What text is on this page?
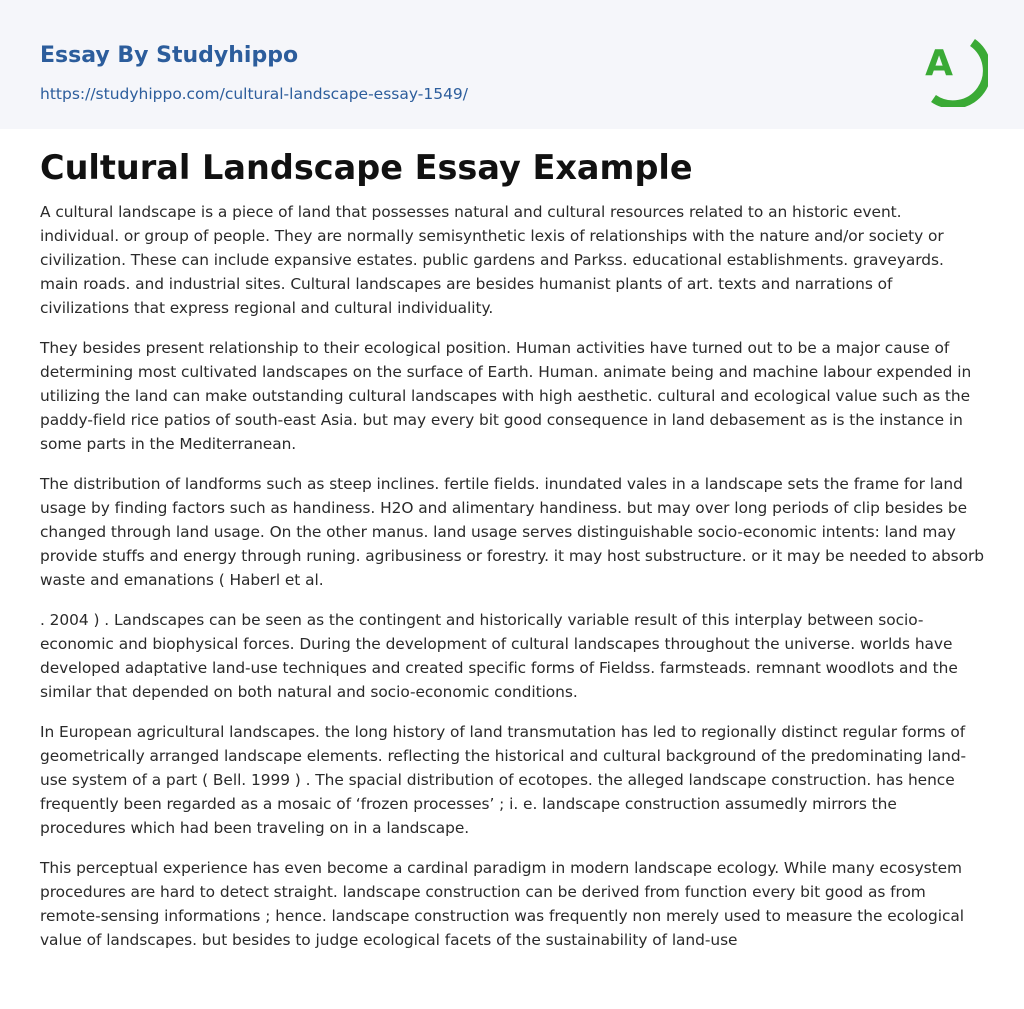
Essay By Studyhippo
https://studyhippo.com/cultural-landscape-essay-1549/
A
Cultural Landscape Essay Example

A cultural landscape is a piece of land that possesses natural and cultural resources related to an historic event. individual. or group of people. They are normally semisynthetic lexis of relationships with the nature and/or society or civilization. These can include expansive estates. public gardens and Parkss. educational establishments. graveyards. main roads. and industrial sites. Cultural landscapes are besides humanist plants of art. texts and narrations of civilizations that express regional and cultural individuality.

They besides present relationship to their ecological position. Human activities have turned out to be a major cause of determining most cultivated landscapes on the surface of Earth. Human. animate being and machine labour expended in utilizing the land can make outstanding cultural landscapes with high aesthetic. cultural and ecological value such as the paddy-field rice patios of south-east Asia. but may every bit good consequence in land debasement as is the instance in some parts in the Mediterranean.

The distribution of landforms such as steep inclines. fertile fields. inundated vales in a landscape sets the frame for land usage by finding factors such as handiness. H2O and alimentary handiness. but may over long periods of clip besides be changed through land usage. On the other manus. land usage serves distinguishable socio-economic intents: land may provide stuffs and energy through runing. agribusiness or forestry. it may host substructure. or it may be needed to absorb waste and emanations ( Haberl et al.

. 2004 ) . Landscapes can be seen as the contingent and historically variable result of this interplay between socio-economic and biophysical forces. During the development of cultural landscapes throughout the universe. worlds have developed adaptative land-use techniques and created specific forms of Fieldss. farmsteads. remnant woodlots and the similar that depended on both natural and socio-economic conditions.

In European agricultural landscapes. the long history of land transmutation has led to regionally distinct regular forms of geometrically arranged landscape elements. reflecting the historical and cultural background of the predominating land-use system of a part ( Bell. 1999 ) . The spacial distribution of ecotopes. the alleged landscape construction. has hence frequently been regarded as a mosaic of ‘frozen processes’ ; i. e. landscape construction assumedly mirrors the procedures which had been traveling on in a landscape.

This perceptual experience has even become a cardinal paradigm in modern landscape ecology. While many ecosystem procedures are hard to detect straight. landscape construction can be derived from function every bit good as from remote-sensing informations ; hence. landscape construction was frequently non merely used to measure the ecological value of landscapes. but besides to judge ecological facets of the sustainability of land-use
